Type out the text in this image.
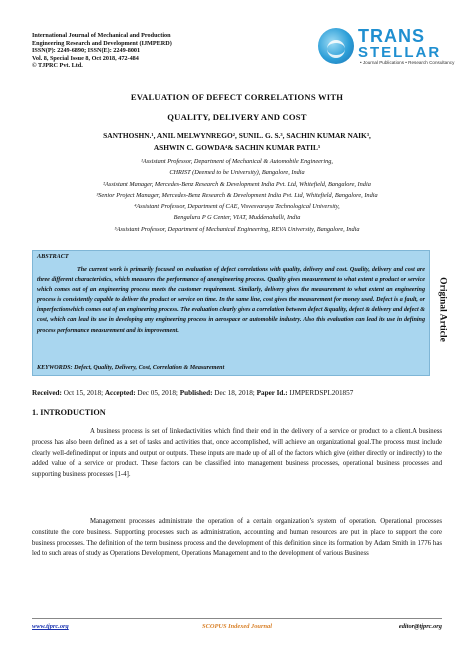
International Journal of Mechanical and Production
Engineering Research and Development (IJMPERD)
ISSN(P): 2249-6890; ISSN(E): 2249-8001
Vol. 8, Special Issue 8, Oct 2018, 472-484
© TJPRC Pvt. Ltd.
TRANS
STELLAR
• Journal Publications • Research Consultancy
EVALUATION OF DEFECT CORRELATIONS WITH
QUALITY, DELIVERY AND COST
SANTHOSHN.¹, ANIL MELWYNREGO², SUNIL. G. S.³, SACHIN KUMAR NAIK³,
ASHWIN C. GOWDA⁴& SACHIN KUMAR PATIL⁵
¹Assistant Professor, Department of Mechanical & Automobile Engineering,
CHRIST (Deemed to be University), Bangalore, India
²Assistant Manager, Mercedes-Benz Research & Development India Pvt. Ltd, Whitefield, Bangalore, India
³Senior Project Manager, Mercedes-Benz Research & Development India Pvt. Ltd, Whitefield, Bangalore, India
⁴Assistant Professor, Department of CAE, Visvesvaraya Technological University,
Bengaluru P G Center, VIAT, Muddenahalli, India
⁵Assistant Professor, Department of Mechanical Engineering, REVA University, Bangalore, India
ABSTRACT
The current work is primarily focused on evaluation of defect correlations with quality, delivery and cost. Quality, delivery and cost are three different characteristics, which measures the performance of anengineering process. Quality gives measurement to what extent a product or service which comes out of an engineering process meets the customer requirement. Similarly, delivery gives the measurement to what extent an engineering process is consistently capable to deliver the product or service on time. In the same line, cost gives the measurement for money used. Defect is a fault, or imperfectionwhich comes out of an engineering process. The evaluation clearly gives a correlation between defect &quality, defect & delivery and defect & cost, which can lead its use in developing any engineering process in aerospace or automobile industry. Also this evaluation can lead its use in defining process performance measurement and its improvement.
KEYWORDS: Defect, Quality, Delivery, Cost, Correlation & Measurement
Original Article
Received: Oct 15, 2018; Accepted: Dec 05, 2018; Published: Dec 18, 2018; Paper Id.: IJMPERDSPL201857
1. INTRODUCTION
A business process is set of linkedactivities which find their end in the delivery of a service or product to a client.A business process has also been defined as a set of tasks and activities that, once accomplished, will achieve an organizational goal.The process must include clearly well-definedinput or inputs and output or outputs. These inputs are made up of all of the factors which give (either directly or indirectly) to the added value of a service or product. These factors can be classified into management business processes, operational business processes and supporting business processes [1-4].
Management processes administrate the operation of a certain organization’s system of operation. Operational processes constitute the core business. Supporting processes such as administration, accounting and human resources are put in place to support the core business processes. The definition of the term business process and the development of this definition since its formation by Adam Smith in 1776 has led to such areas of study as Operations Development, Operations Management and to the development of various Business
SCOPUS Indexed Journal
www.tjprc.org	editor@tjprc.org
